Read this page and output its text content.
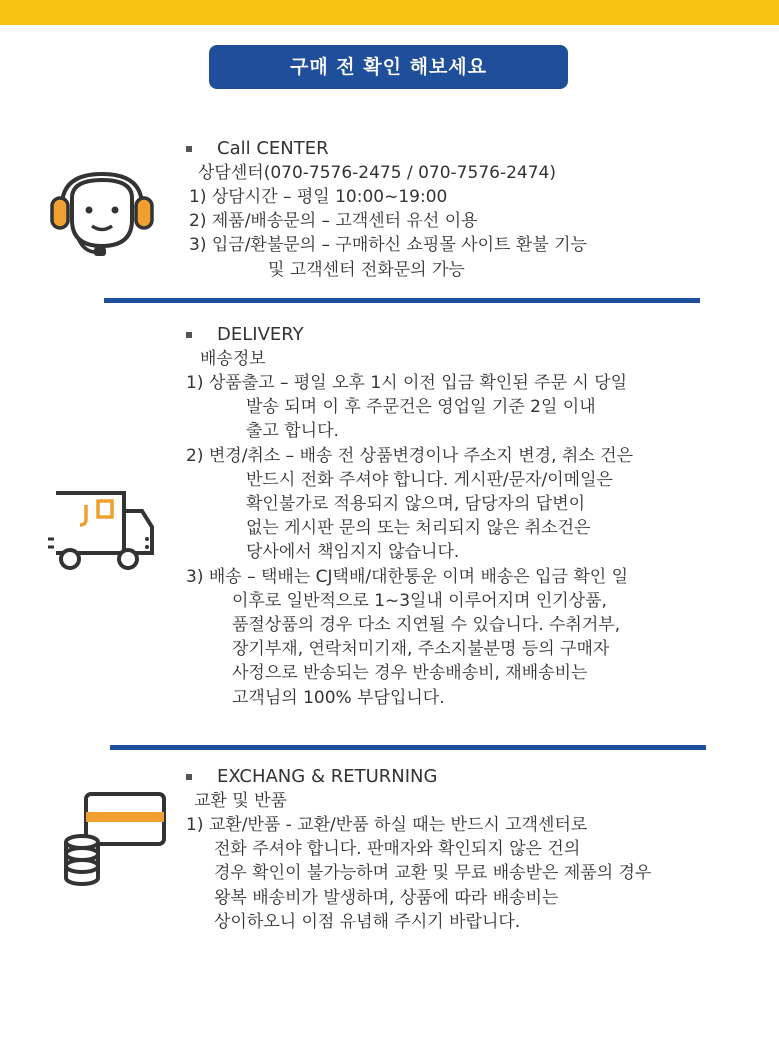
구매 전 확인 해보세요
Call CENTER
상담센터(070-7576-2475 / 070-7576-2474)
1) 상담시간 – 평일 10:00~19:00
2) 제품/배송문의 – 고객센터 유선 이용
3) 입금/환불문의 – 구매하신 쇼핑몰 사이트 환불 기능
및 고객센터 전화문의 가능
DELIVERY
배송정보
1) 상품출고 – 평일 오후 1시 이전 입금 확인된 주문 시 당일
발송 되며 이 후 주문건은 영업일 기준 2일 이내
출고 합니다.
2) 변경/취소 – 배송 전 상품변경이나 주소지 변경, 취소 건은
반드시 전화 주셔야 합니다. 게시판/문자/이메일은
확인불가로 적용되지 않으며, 담당자의 답변이
없는 게시판 문의 또는 처리되지 않은 취소건은
당사에서 책임지지 않습니다.
3) 배송 – 택배는 CJ택배/대한통운 이며 배송은 입금 확인 일
이후로 일반적으로 1~3일내 이루어지며 인기상품,
품절상품의 경우 다소 지연될 수 있습니다. 수취거부,
장기부재, 연락처미기재, 주소지불분명 등의 구매자
사정으로 반송되는 경우 반송배송비, 재배송비는
고객님의 100% 부담입니다.
EXCHANG & RETURNING
교환 및 반품
1) 교환/반품 - 교환/반품 하실 때는 반드시 고객센터로
전화 주셔야 합니다. 판매자와 확인되지 않은 건의
경우 확인이 불가능하며 교환 및 무료 배송받은 제품의 경우
왕복 배송비가 발생하며, 상품에 따라 배송비는
상이하오니 이점 유념해 주시기 바랍니다.
